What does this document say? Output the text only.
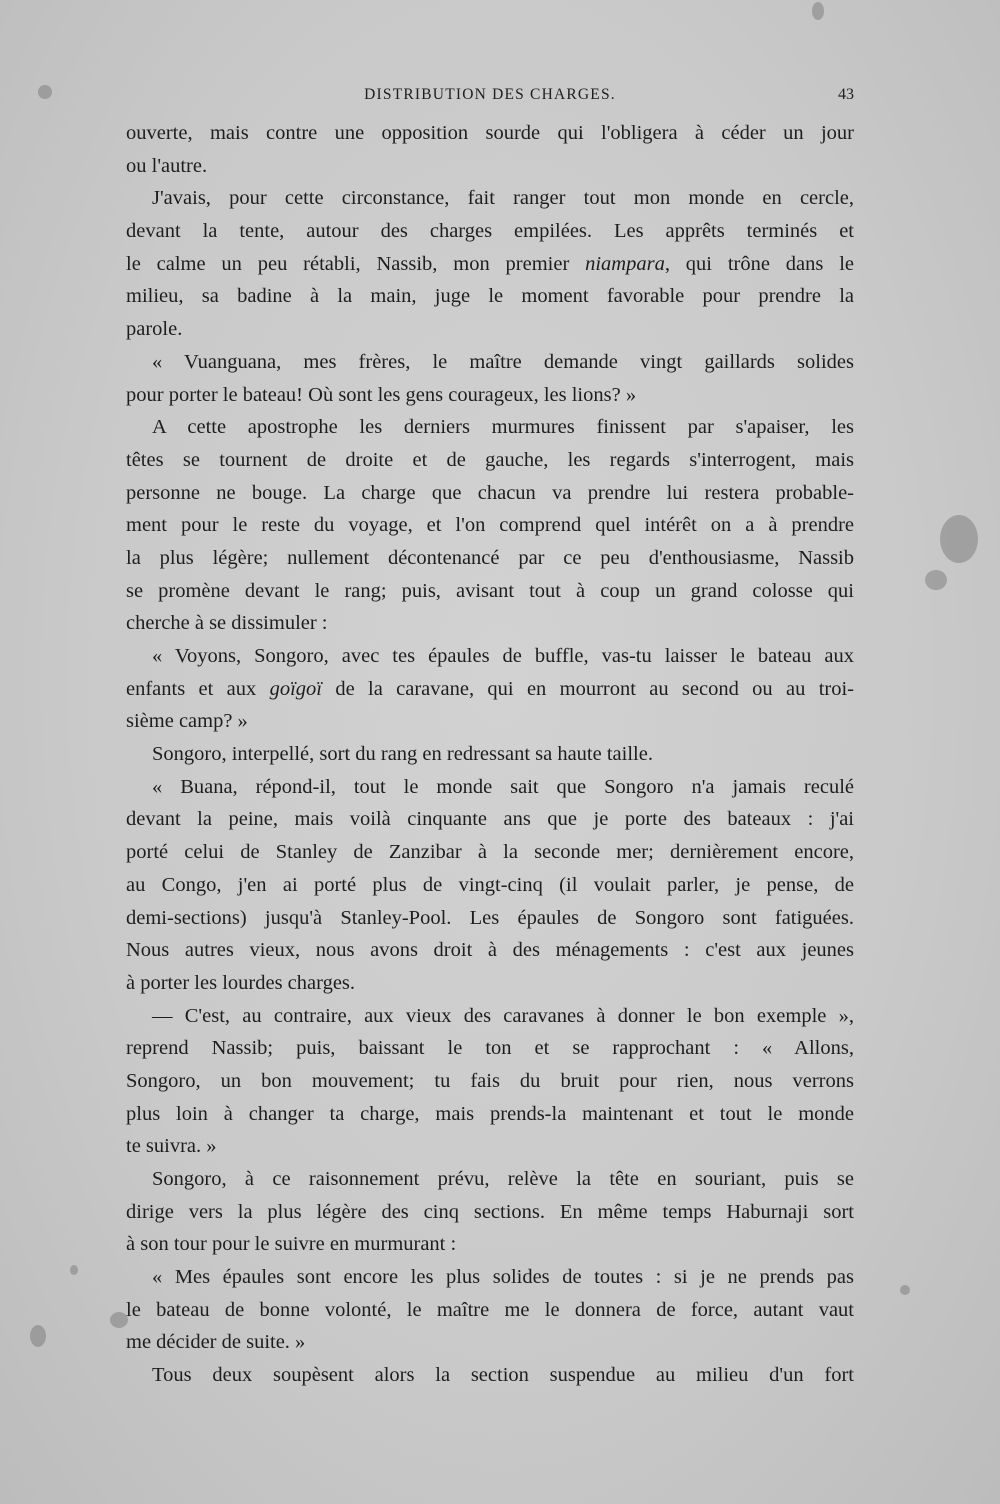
DISTRIBUTION DES CHARGES.	43
ouverte, mais contre une opposition sourde qui l'obligera à céder un jour
ou l'autre.
J'avais, pour cette circonstance, fait ranger tout mon monde en cercle,
devant la tente, autour des charges empilées. Les apprêts terminés et
le calme un peu rétabli, Nassib, mon premier niampara, qui trône dans le
milieu, sa badine à la main, juge le moment favorable pour prendre la
parole.
« Vuanguana, mes frères, le maître demande vingt gaillards solides
pour porter le bateau! Où sont les gens courageux, les lions? »
A cette apostrophe les derniers murmures finissent par s'apaiser, les
têtes se tournent de droite et de gauche, les regards s'interrogent, mais
personne ne bouge. La charge que chacun va prendre lui restera probable-
ment pour le reste du voyage, et l'on comprend quel intérêt on a à prendre
la plus légère; nullement décontenancé par ce peu d'enthousiasme, Nassib
se promène devant le rang; puis, avisant tout à coup un grand colosse qui
cherche à se dissimuler :
« Voyons, Songoro, avec tes épaules de buffle, vas-tu laisser le bateau aux
enfants et aux goïgoï de la caravane, qui en mourront au second ou au troi-
sième camp? »
Songoro, interpellé, sort du rang en redressant sa haute taille.
« Buana, répond-il, tout le monde sait que Songoro n'a jamais reculé
devant la peine, mais voilà cinquante ans que je porte des bateaux : j'ai
porté celui de Stanley de Zanzibar à la seconde mer; dernièrement encore,
au Congo, j'en ai porté plus de vingt-cinq (il voulait parler, je pense, de
demi-sections) jusqu'à Stanley-Pool. Les épaules de Songoro sont fatiguées.
Nous autres vieux, nous avons droit à des ménagements : c'est aux jeunes
à porter les lourdes charges.
— C'est, au contraire, aux vieux des caravanes à donner le bon exemple »,
reprend Nassib; puis, baissant le ton et se rapprochant : « Allons,
Songoro, un bon mouvement; tu fais du bruit pour rien, nous verrons
plus loin à changer ta charge, mais prends-la maintenant et tout le monde
te suivra. »
Songoro, à ce raisonnement prévu, relève la tête en souriant, puis se
dirige vers la plus légère des cinq sections. En même temps Haburnaji sort
à son tour pour le suivre en murmurant :
« Mes épaules sont encore les plus solides de toutes : si je ne prends pas
le bateau de bonne volonté, le maître me le donnera de force, autant vaut
me décider de suite. »
Tous deux soupèsent alors la section suspendue au milieu d'un fort
